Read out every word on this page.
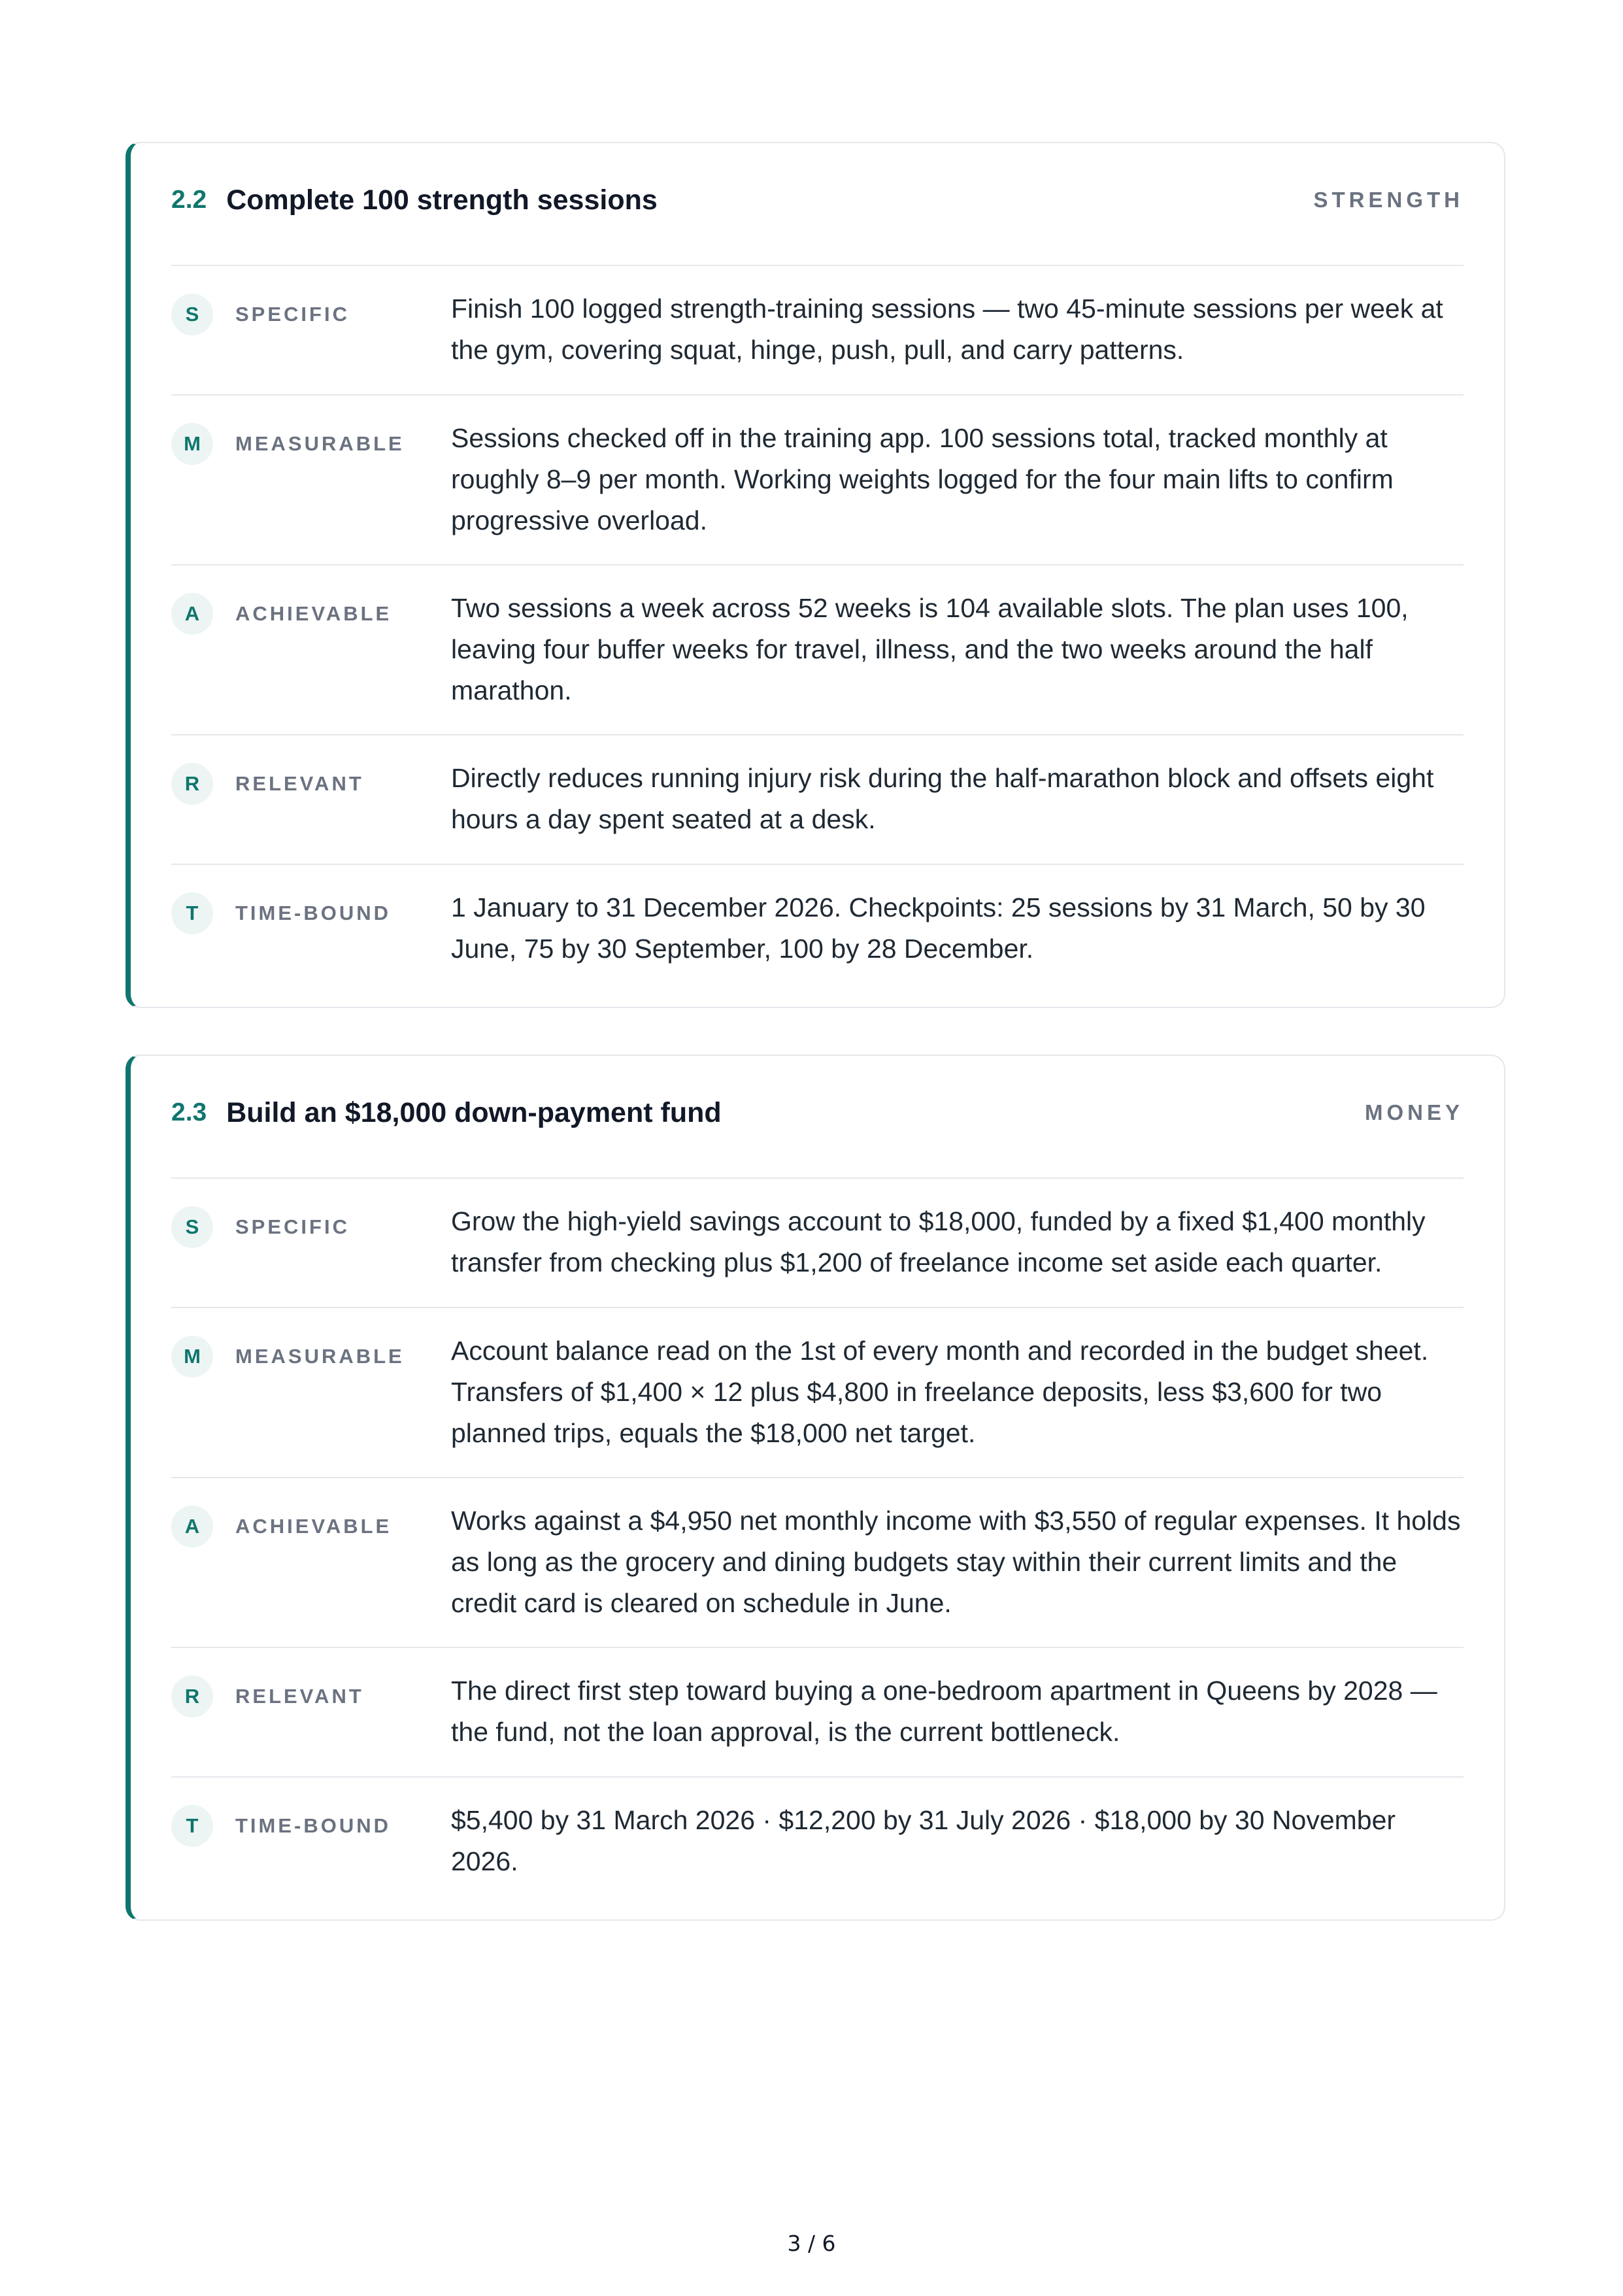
2.2 Complete 100 strength sessions	STRENGTH
S	SPECIFIC	Finish 100 logged strength-training sessions — two 45-minute sessions per week at the gym, covering squat, hinge, push, pull, and carry patterns.
M	MEASURABLE	Sessions checked off in the training app. 100 sessions total, tracked monthly at roughly 8–9 per month. Working weights logged for the four main lifts to confirm progressive overload.
A	ACHIEVABLE	Two sessions a week across 52 weeks is 104 available slots. The plan uses 100, leaving four buffer weeks for travel, illness, and the two weeks around the half marathon.
R	RELEVANT	Directly reduces running injury risk during the half-marathon block and offsets eight hours a day spent seated at a desk.
T	TIME-BOUND	1 January to 31 December 2026. Checkpoints: 25 sessions by 31 March, 50 by 30 June, 75 by 30 September, 100 by 28 December.
2.3 Build an $18,000 down-payment fund	MONEY
S	SPECIFIC	Grow the high-yield savings account to $18,000, funded by a fixed $1,400 monthly transfer from checking plus $1,200 of freelance income set aside each quarter.
M	MEASURABLE	Account balance read on the 1st of every month and recorded in the budget sheet. Transfers of $1,400 × 12 plus $4,800 in freelance deposits, less $3,600 for two planned trips, equals the $18,000 net target.
A	ACHIEVABLE	Works against a $4,950 net monthly income with $3,550 of regular expenses. It holds as long as the grocery and dining budgets stay within their current limits and the credit card is cleared on schedule in June.
R	RELEVANT	The direct first step toward buying a one-bedroom apartment in Queens by 2028 — the fund, not the loan approval, is the current bottleneck.
T	TIME-BOUND	$5,400 by 31 March 2026 · $12,200 by 31 July 2026 · $18,000 by 30 November 2026.
3 / 6
